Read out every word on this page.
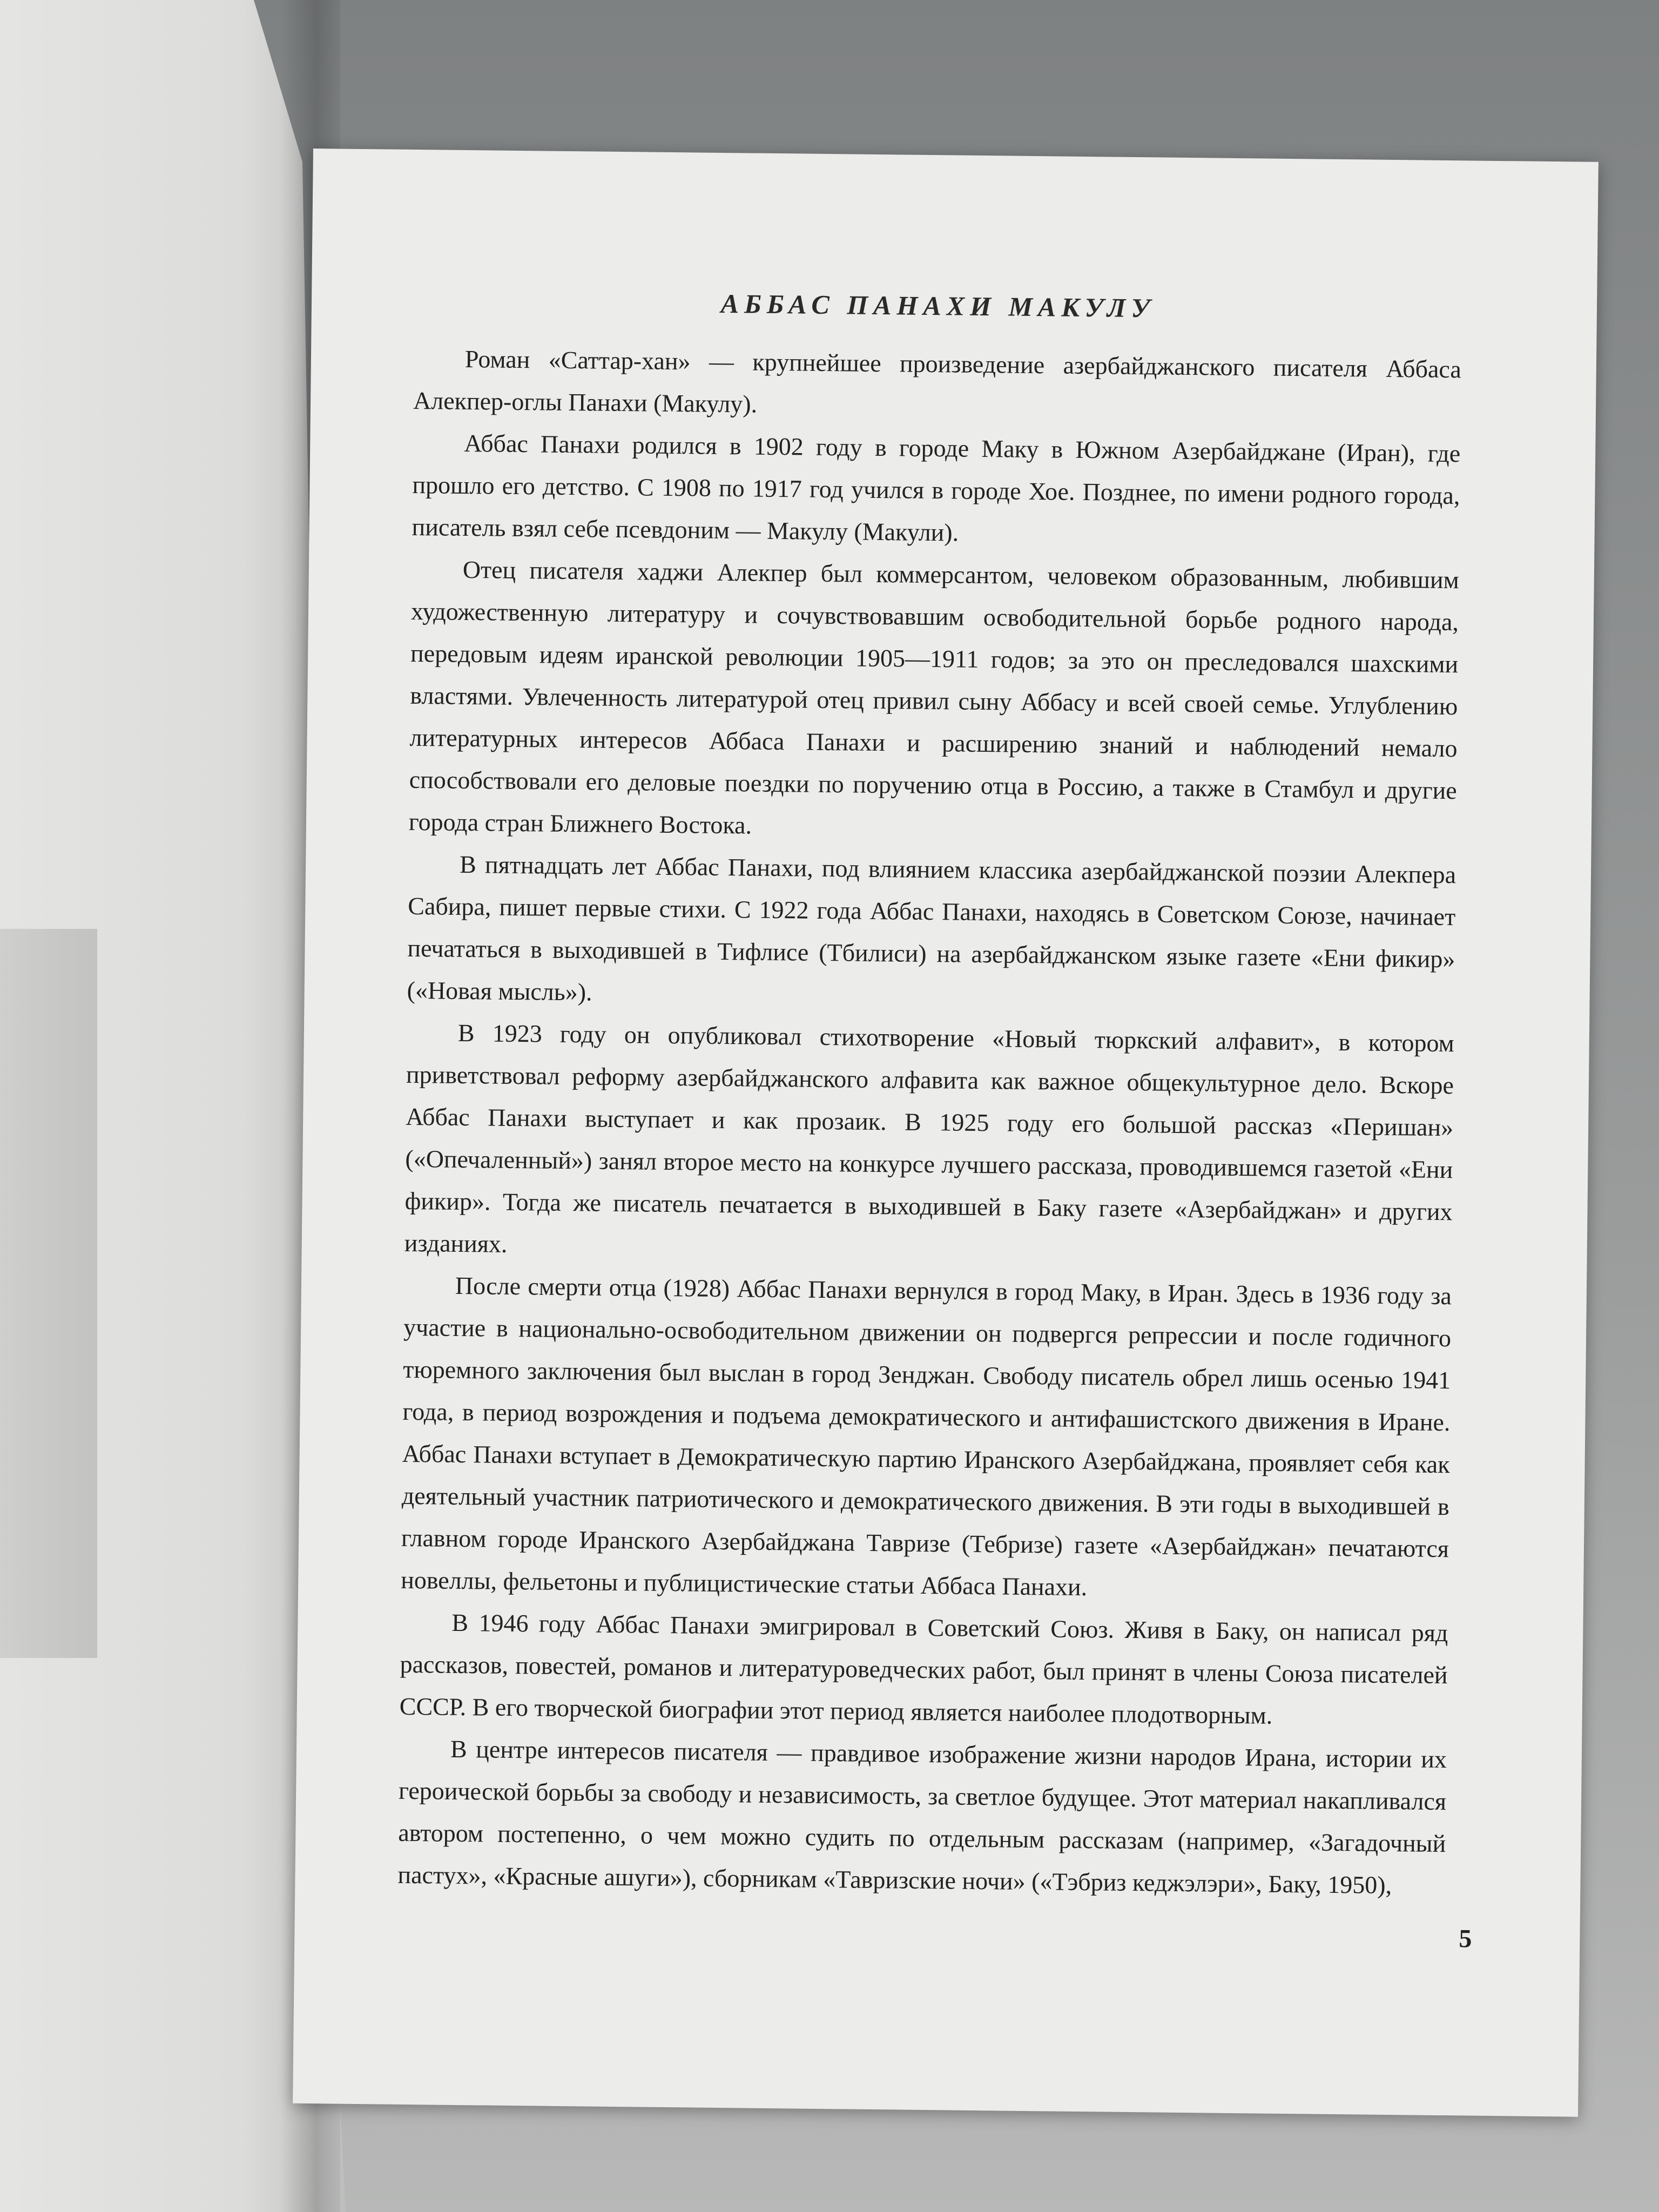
АББАС ПАНАХИ МАКУЛУ

Роман «Саттар-хан» — крупнейшее произведение азербайджанского писателя Аббаса Алекпер-оглы Панахи (Макулу).

Аббас Панахи родился в 1902 году в городе Маку в Южном Азербайджане (Иран), где прошло его детство. С 1908 по 1917 год учился в городе Хое. Позднее, по имени родного города, писатель взял себе псевдоним — Макулу (Макули).

Отец писателя хаджи Алекпер был коммерсантом, человеком образованным, любившим художественную литературу и сочувствовавшим освободительной борьбе родного народа, передовым идеям иранской революции 1905—1911 годов; за это он преследовался шахскими властями. Увлеченность литературой отец привил сыну Аббасу и всей своей семье. Углублению литературных интересов Аббаса Панахи и расширению знаний и наблюдений немало способствовали его деловые поездки по поручению отца в Россию, а также в Стамбул и другие города стран Ближнего Востока.

В пятнадцать лет Аббас Панахи, под влиянием классика азербайджанской поэзии Алекпера Сабира, пишет первые стихи. С 1922 года Аббас Панахи, находясь в Советском Союзе, начинает печататься в выходившей в Тифлисе (Тбилиси) на азербайджанском языке газете «Ени фикир» («Новая мысль»).

В 1923 году он опубликовал стихотворение «Новый тюркский алфавит», в котором приветствовал реформу азербайджанского алфавита как важное общекультурное дело. Вскоре Аббас Панахи выступает и как прозаик. В 1925 году его большой рассказ «Перишан» («Опечаленный») занял второе место на конкурсе лучшего рассказа, проводившемся газетой «Ени фикир». Тогда же писатель печатается в выходившей в Баку газете «Азербайджан» и других изданиях.

После смерти отца (1928) Аббас Панахи вернулся в город Маку, в Иран. Здесь в 1936 году за участие в национально-освободительном движении он подвергся репрессии и после годичного тюремного заключения был выслан в город Зенджан. Свободу писатель обрел лишь осенью 1941 года, в период возрождения и подъема демократического и антифашистского движения в Иране. Аббас Панахи вступает в Демократическую партию Иранского Азербайджана, проявляет себя как деятельный участник патриотического и демократического движения. В эти годы в выходившей в главном городе Иранского Азербайджана Тавризе (Тебризе) газете «Азербайджан» печатаются новеллы, фельетоны и публицистические статьи Аббаса Панахи.

В 1946 году Аббас Панахи эмигрировал в Советский Союз. Живя в Баку, он написал ряд рассказов, повестей, романов и литературоведческих работ, был принят в члены Союза писателей СССР. В его творческой биографии этот период является наиболее плодотворным.

В центре интересов писателя — правдивое изображение жизни народов Ирана, истории их героической борьбы за свободу и независимость, за светлое будущее. Этот материал накапливался автором постепенно, о чем можно судить по отдельным рассказам (например, «Загадочный пастух», «Красные ашуги»), сборникам «Тавризские ночи» («Тэбриз кеджэлэри», Баку, 1950),

5
